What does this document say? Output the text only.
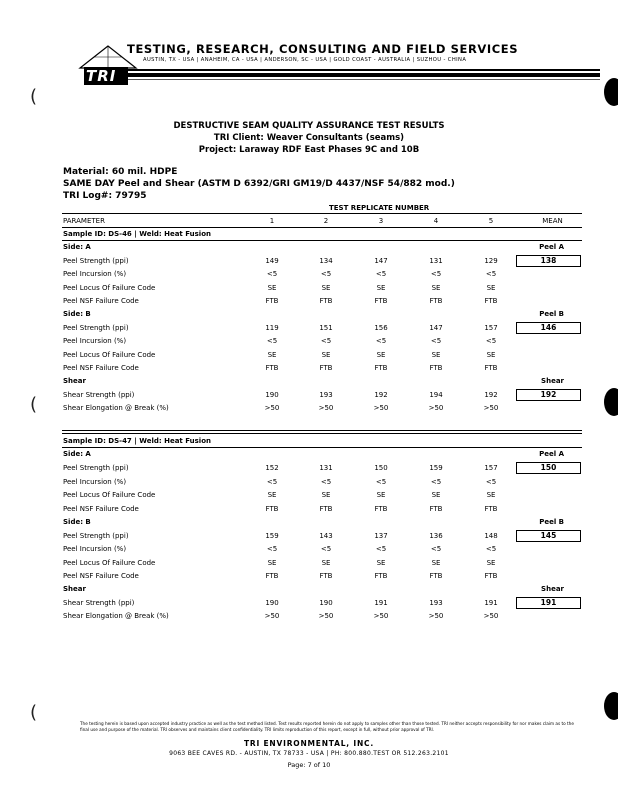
TESTING, RESEARCH, CONSULTING AND FIELD SERVICES
AUSTIN, TX - USA | ANAHEIM, CA - USA | ANDERSON, SC - USA | GOLD COAST - AUSTRALIA | SUZHOU - CHINA
TRI
(
(
(
DESTRUCTIVE SEAM QUALITY ASSURANCE TEST RESULTS
TRI Client: Weaver Consultants (seams)
Project: Laraway RDF East Phases 9C and 10B
Material: 60 mil. HDPE
SAME DAY Peel and Shear (ASTM D 6392/GRI GM19/D 4437/NSF 54/882 mod.)
TRI Log#: 79795
TEST REPLICATE NUMBER
PARAMETER	1	2	3	4	5	MEAN
Sample ID: DS-46 | Weld: Heat Fusion
Side: A	Peel A
Peel Strength (ppi)	149	134	147	131	129	138
Peel Incursion (%)	<5	<5	<5	<5	<5
Peel Locus Of Failure Code	SE	SE	SE	SE	SE
Peel NSF Failure Code	FTB	FTB	FTB	FTB	FTB
Side: B	Peel B
Peel Strength (ppi)	119	151	156	147	157	146
Peel Incursion (%)	<5	<5	<5	<5	<5
Peel Locus Of Failure Code	SE	SE	SE	SE	SE
Peel NSF Failure Code	FTB	FTB	FTB	FTB	FTB
Shear	Shear
Shear Strength (ppi)	190	193	192	194	192	192
Shear Elongation @ Break (%)	>50	>50	>50	>50	>50
Sample ID: DS-47 | Weld: Heat Fusion
Side: A	Peel A
Peel Strength (ppi)	152	131	150	159	157	150
Peel Incursion (%)	<5	<5	<5	<5	<5
Peel Locus Of Failure Code	SE	SE	SE	SE	SE
Peel NSF Failure Code	FTB	FTB	FTB	FTB	FTB
Side: B	Peel B
Peel Strength (ppi)	159	143	137	136	148	145
Peel Incursion (%)	<5	<5	<5	<5	<5
Peel Locus Of Failure Code	SE	SE	SE	SE	SE
Peel NSF Failure Code	FTB	FTB	FTB	FTB	FTB
Shear	Shear
Shear Strength (ppi)	190	190	191	193	191	191
Shear Elongation @ Break (%)	>50	>50	>50	>50	>50
The testing herein is based upon accepted industry practice as well as the test method listed. Test results reported herein do not apply to samples other than those tested. TRI neither accepts responsibility for nor makes claim as to the final use and purpose of the material. TRI observes and maintains client confidentiality. TRI limits reproduction of this report, except in full, without prior approval of TRI.
TRI ENVIRONMENTAL, INC.
9063 BEE CAVES RD. - AUSTIN, TX 78733 - USA | PH: 800.880.TEST OR 512.263.2101
Page: 7 of 10
